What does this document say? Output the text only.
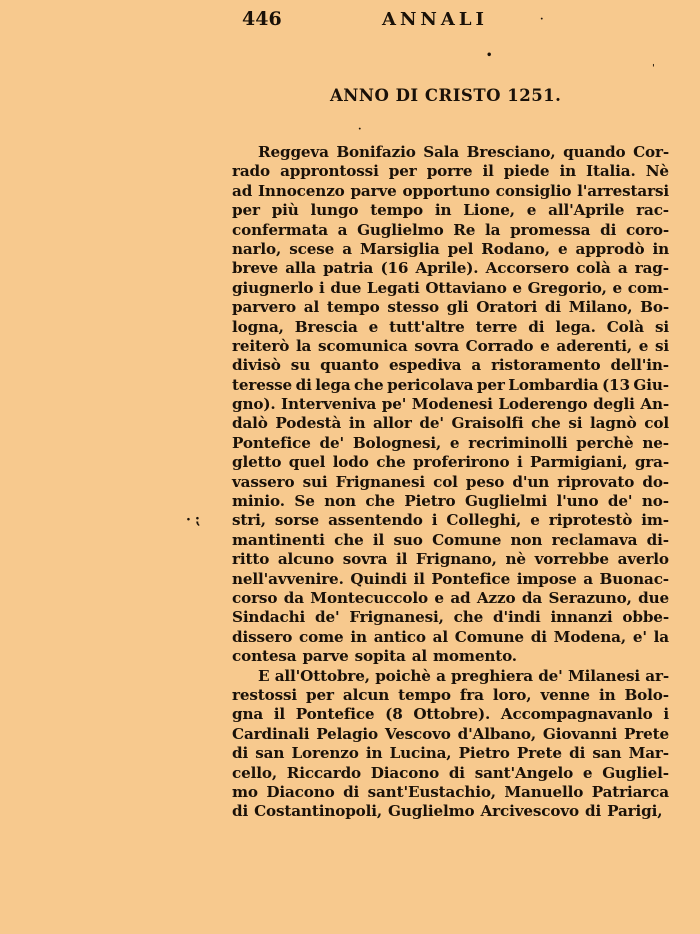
446	ANNALI	·
•
ˈ
ANNO DI CRISTO 1251.
·
Reggeva Bonifazio Sala Bresciano, quando Cor-
rado approntossi per porre il piede in Italia. Nè
ad Innocenzo parve opportuno consiglio l'arrestarsi
per più lungo tempo in Lione, e all'Aprile rac-
confermata a Guglielmo Re la promessa di coro-
narlo, scese a Marsiglia pel Rodano, e approdò in
breve alla patria (16 Aprile). Accorsero colà a rag-
giugnerlo i due Legati Ottaviano e Gregorio, e com-
parvero al tempo stesso gli Oratori di Milano, Bo-
logna, Brescia e tutt'altre terre di lega. Colà si
reiterò la scomunica sovra Corrado e aderenti, e si
divisò su quanto espediva a ristoramento dell'in-
teresse di lega che pericolava per Lombardia (13 Giu-
gno). Interveniva pe' Modenesi Loderengo degli An-
dalò Podestà in allor de' Graisolfi che si lagnò col
Pontefice de' Bolognesi, e recriminolli perchè ne-
gletto quel lodo che proferirono i Parmigiani, gra-
vassero sui Frignanesi col peso d'un riprovato do-
minio. Se non che Pietro Guglielmi l'uno de' no-
stri, sorse assentendo i Colleghi, e riprotestò im-
mantinenti che il suo Comune non reclamava di-
ritto alcuno sovra il Frignano, nè vorrebbe averlo
nell'avvenire. Quindi il Pontefice impose a Buonac-
corso da Montecuccolo e ad Azzo da Serazuno, due
Sindachi de' Frignanesi, che d'indi innanzi obbe-
dissero come in antico al Comune di Modena, e' la
contesa parve sopita al momento.
E all'Ottobre, poichè a preghiera de' Milanesi ar-
restossi per alcun tempo fra loro, venne in Bolo-
gna il Pontefice (8 Ottobre). Accompagnavanlo i
Cardinali Pelagio Vescovo d'Albano, Giovanni Prete
di san Lorenzo in Lucina, Pietro Prete di san Mar-
cello, Riccardo Diacono di sant'Angelo e Gugliel-
mo Diacono di sant'Eustachio, Manuello Patriarca
di Costantinopoli, Guglielmo Arcivescovo di Parigi,
· ⁏
